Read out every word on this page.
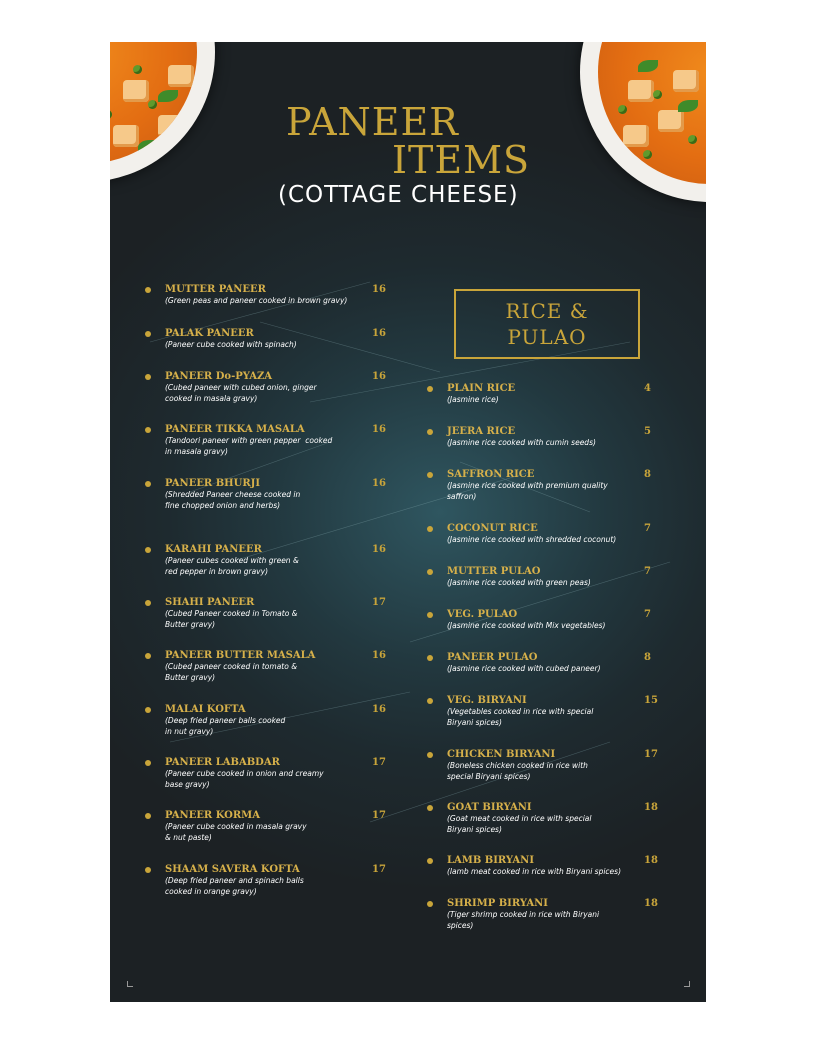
PANEER
ITEMS
(COTTAGE CHEESE)
RICE &
PULAO
MUTTER PANEER
(Green peas and paneer cooked in brown gravy)
16
PALAK PANEER
(Paneer cube cooked with spinach)
16
PANEER Do-PYAZA
(Cubed paneer with cubed onion, ginger
cooked in masala gravy)
16
PANEER TIKKA MASALA
(Tandoori paneer with green pepper  cooked
in masala gravy)
16
PANEER BHURJI
(Shredded Paneer cheese cooked in
fine chopped onion and herbs)
16
KARAHI PANEER
(Paneer cubes cooked with green &
red pepper in brown gravy)
16
SHAHI PANEER
(Cubed Paneer cooked in Tomato &
Butter gravy)
17
PANEER BUTTER MASALA
(Cubed paneer cooked in tomato &
Butter gravy)
16
MALAI KOFTA
(Deep fried paneer balls cooked
in nut gravy)
16
PANEER LABABDAR
(Paneer cube cooked in onion and creamy
base gravy)
17
PANEER KORMA
(Paneer cube cooked in masala gravy
& nut paste)
17
SHAAM SAVERA KOFTA
(Deep fried paneer and spinach balls
cooked in orange gravy)
17
PLAIN RICE
(Jasmine rice)
4
JEERA RICE
(Jasmine rice cooked with cumin seeds)
5
SAFFRON RICE
(Jasmine rice cooked with premium quality
saffron)
8
COCONUT RICE
(Jasmine rice cooked with shredded coconut)
7
MUTTER PULAO
(Jasmine rice cooked with green peas)
7
VEG. PULAO
(Jasmine rice cooked with Mix vegetables)
7
PANEER PULAO
(Jasmine rice cooked with cubed paneer)
8
VEG. BIRYANI
(Vegetables cooked in rice with special
Biryani spices)
15
CHICKEN BIRYANI
(Boneless chicken cooked in rice with
special Biryani spices)
17
GOAT BIRYANI
(Goat meat cooked in rice with special
Biryani spices)
18
LAMB BIRYANI
(lamb meat cooked in rice with Biryani spices)
18
SHRIMP BIRYANI
(Tiger shrimp cooked in rice with Biryani
spices)
18
